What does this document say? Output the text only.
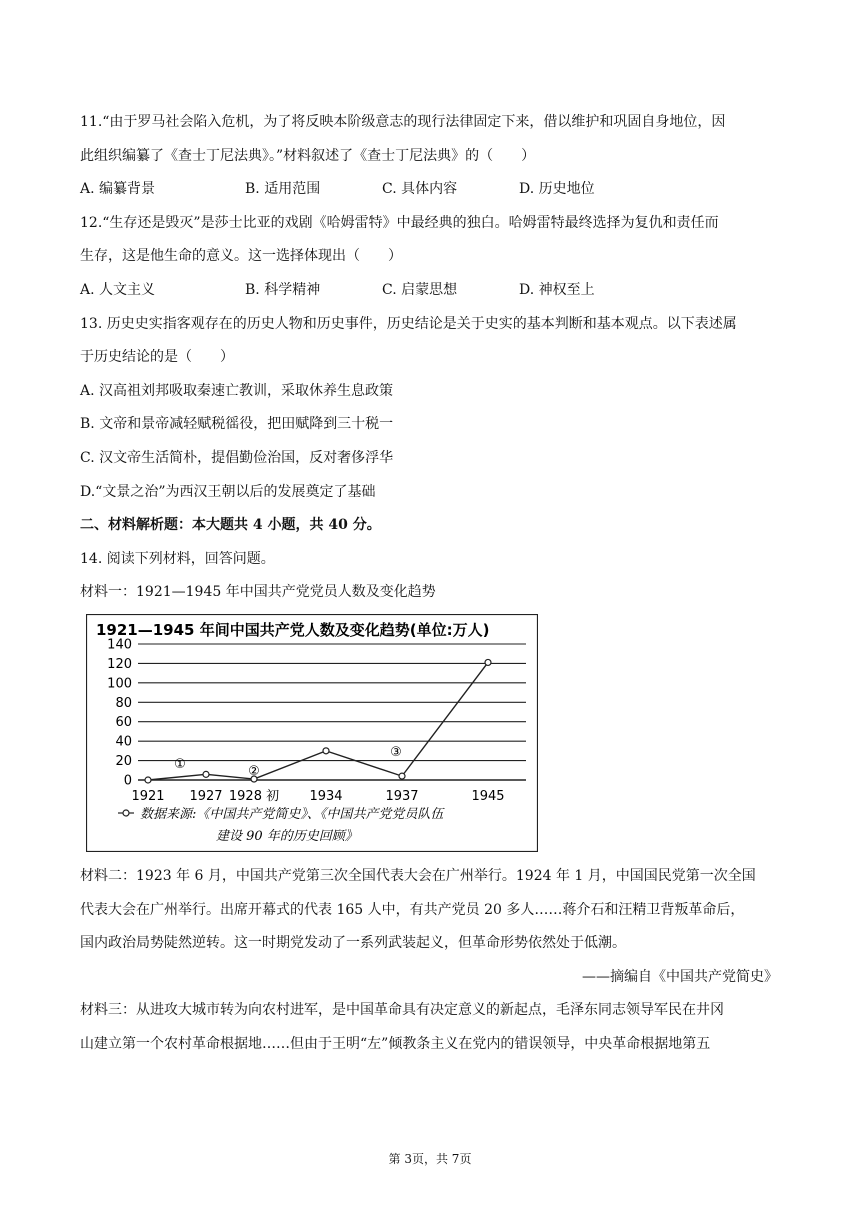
11.“由于罗马社会陷入危机，为了将反映本阶级意志的现行法律固定下来，借以维护和巩固自身地位，因
此组织编纂了《查士丁尼法典》。”材料叙述了《查士丁尼法典》的（　　）
A. 编纂背景	B. 适用范围	C. 具体内容	D. 历史地位
12.“生存还是毁灭”是莎士比亚的戏剧《哈姆雷特》中最经典的独白。哈姆雷特最终选择为复仇和责任而
生存，这是他生命的意义。这一选择体现出（　　）
A. 人文主义	B. 科学精神	C. 启蒙思想	D. 神权至上
13. 历史史实指客观存在的历史人物和历史事件，历史结论是关于史实的基本判断和基本观点。以下表述属
于历史结论的是（　　）
A. 汉高祖刘邦吸取秦速亡教训，采取休养生息政策
B. 文帝和景帝减轻赋税徭役，把田赋降到三十税一
C. 汉文帝生活简朴，提倡勤俭治国，反对奢侈浮华
D.“文景之治”为西汉王朝以后的发展奠定了基础
二、材料解析题：本大题共 4 小题，共 40 分。
14. 阅读下列材料，回答问题。
材料一：1921—1945 年中国共产党党员人数及变化趋势
1921—1945 年间中国共产党人数及变化趋势(单位:万人)
0
20
40
60
80
100
120
140
1921 1927 1928 初 1934	1937	1945
①	②
③
数据来源:《中国共产党简史》、《中国共产党党员队伍
建设 90 年的历史回顾》
材料二：1923 年 6 月，中国共产党第三次全国代表大会在广州举行。1924 年 1 月，中国国民党第一次全国
代表大会在广州举行。出席开幕式的代表 165 人中，有共产党员 20 多人……蒋介石和汪精卫背叛革命后，
国内政治局势陡然逆转。这一时期党发动了一系列武装起义，但革命形势依然处于低潮。
——摘编自《中国共产党简史》
材料三：从进攻大城市转为向农村进军，是中国革命具有决定意义的新起点，毛泽东同志领导军民在井冈
山建立第一个农村革命根据地……但由于王明“左”倾教条主义在党内的错误领导，中央革命根据地第五
第 3页，共 7页
